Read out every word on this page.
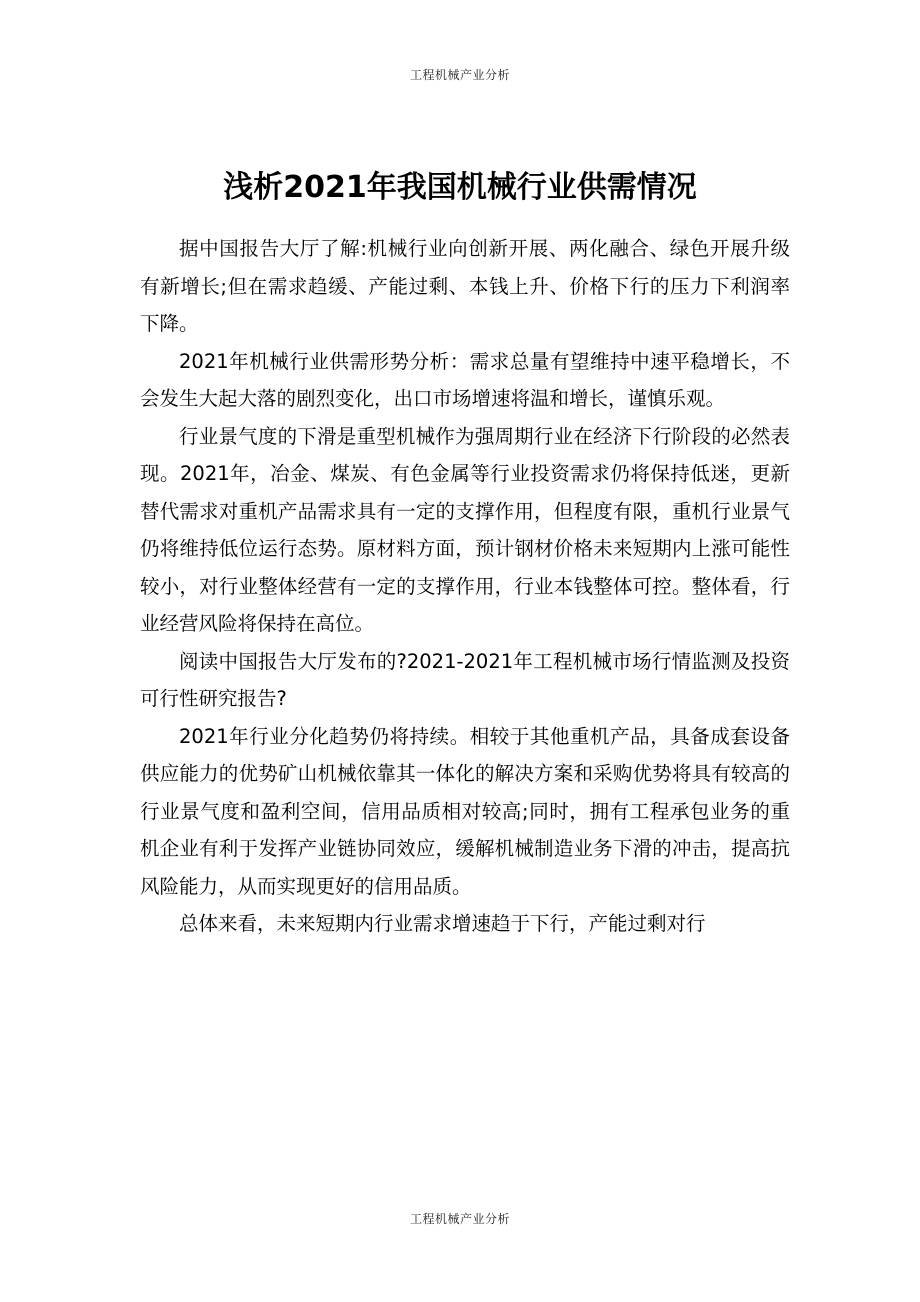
工程机械产业分析
浅析2021年我国机械行业供需情况

据中国报告大厅了解:机械行业向创新开展、两化融合、绿色开展升级有新增长;但在需求趋缓、产能过剩、本钱上升、价格下行的压力下利润率下降。

2021年机械行业供需形势分析：需求总量有望维持中速平稳增长，不会发生大起大落的剧烈变化，出口市场增速将温和增长，谨慎乐观。

行业景气度的下滑是重型机械作为强周期行业在经济下行阶段的必然表现。2021年，冶金、煤炭、有色金属等行业投资需求仍将保持低迷，更新替代需求对重机产品需求具有一定的支撑作用，但程度有限，重机行业景气仍将维持低位运行态势。原材料方面，预计钢材价格未来短期内上涨可能性较小，对行业整体经营有一定的支撑作用，行业本钱整体可控。整体看，行业经营风险将保持在高位。

阅读中国报告大厅发布的?2021-2021年工程机械市场行情监测及投资可行性研究报告?

2021年行业分化趋势仍将持续。相较于其他重机产品，具备成套设备供应能力的优势矿山机械依靠其一体化的解决方案和采购优势将具有较高的行业景气度和盈利空间，信用品质相对较高;同时，拥有工程承包业务的重机企业有利于发挥产业链协同效应，缓解机械制造业务下滑的冲击，提高抗风险能力，从而实现更好的信用品质。

总体来看，未来短期内行业需求增速趋于下行，产能过剩对行

工程机械产业分析
